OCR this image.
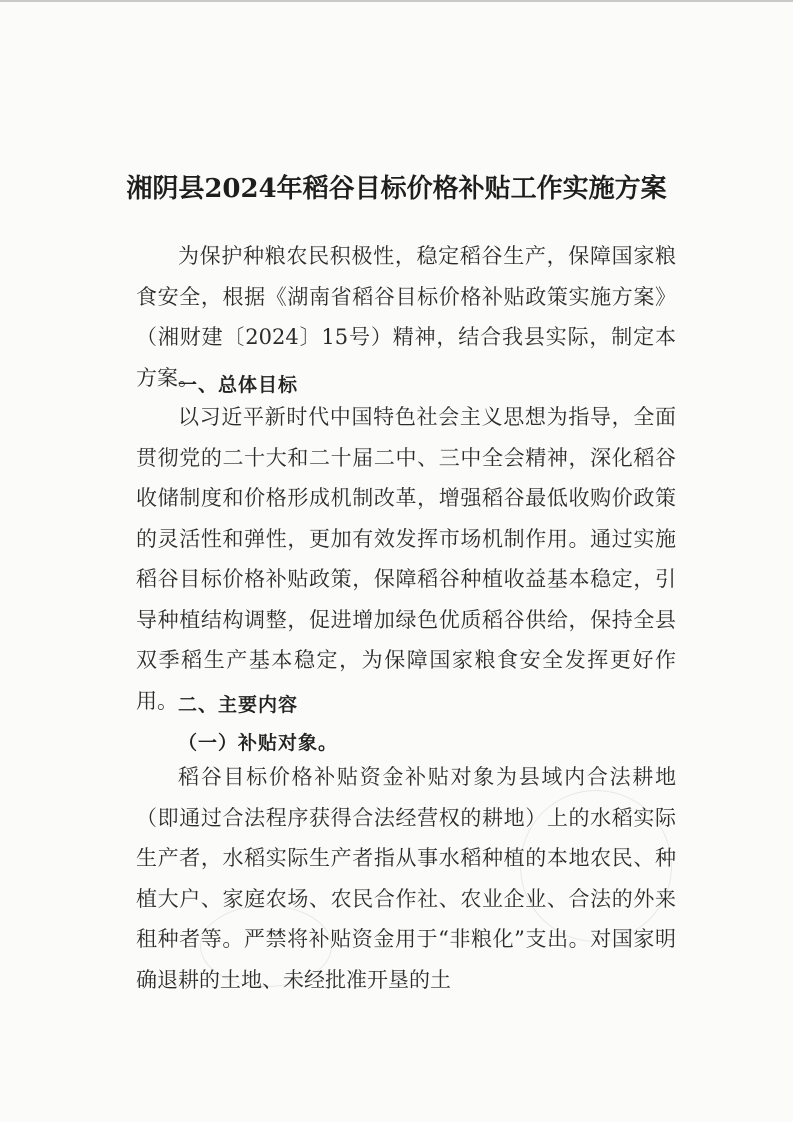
湘阴县2024年稻谷目标价格补贴工作实施方案

为保护种粮农民积极性，稳定稻谷生产，保障国家粮食安全，根据《湖南省稻谷目标价格补贴政策实施方案》（湘财建〔2024〕15号）精神，结合我县实际，制定本方案。

一、总体目标

以习近平新时代中国特色社会主义思想为指导，全面贯彻党的二十大和二十届二中、三中全会精神，深化稻谷收储制度和价格形成机制改革，增强稻谷最低收购价政策的灵活性和弹性，更加有效发挥市场机制作用。通过实施稻谷目标价格补贴政策，保障稻谷种植收益基本稳定，引导种植结构调整，促进增加绿色优质稻谷供给，保持全县双季稻生产基本稳定，为保障国家粮食安全发挥更好作用。 二、主要内容
（一）补贴对象。

稻谷目标价格补贴资金补贴对象为县域内合法耕地（即通过合法程序获得合法经营权的耕地）上的水稻实际生产者，水稻实际生产者指从事水稻种植的本地农民、种植大户、家庭农场、农民合作社、农业企业、合法的外来租种者等。严禁将补贴资金用于“非粮化”支出。对国家明确退耕的土地、未经批准开垦的土
